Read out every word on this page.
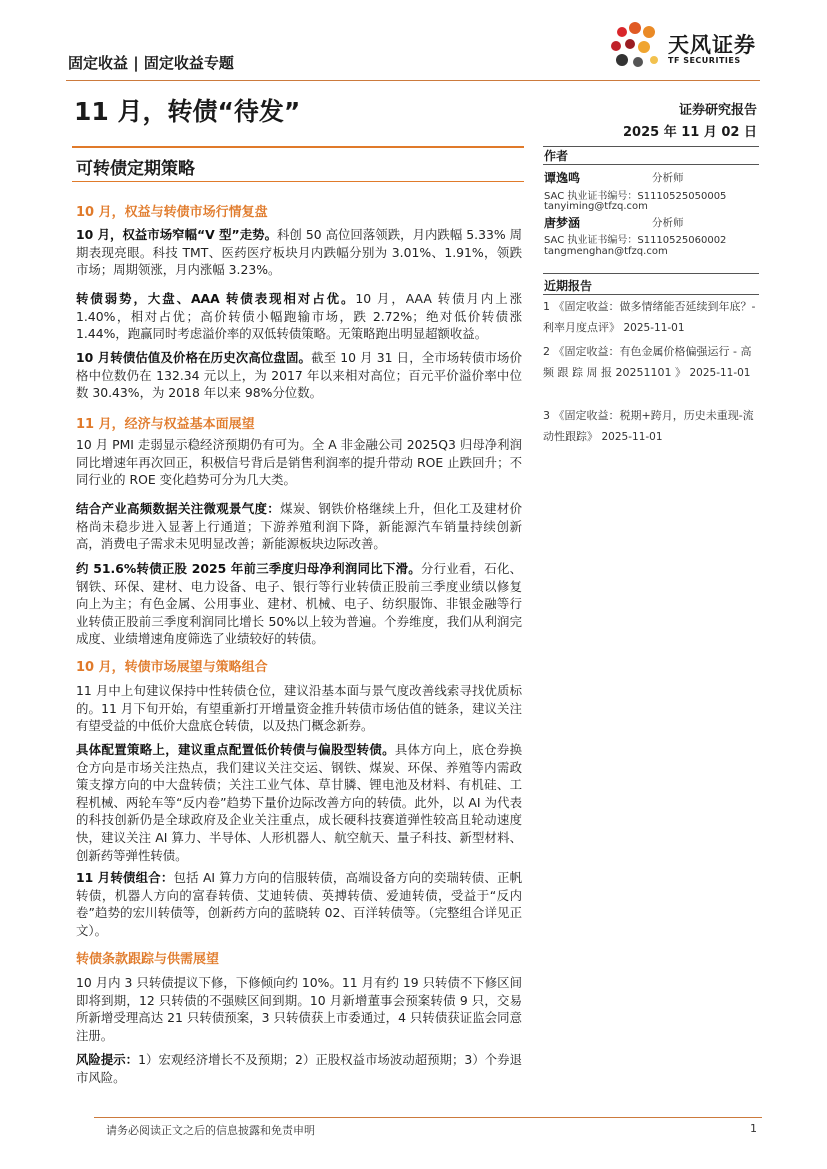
固定收益 | 固定收益专题
天风证券
TF SECURITIES
11 月，转债“待发”	证券研究报告
2025 年 11 月 02 日
可转债定期策略
10 月，权益与转债市场行情复盘
10 月，权益市场窄幅“V 型”走势。科创 50 高位回落领跌，月内跌幅 5.33% 周期表现亮眼。科技 TMT、医药医疗板块月内跌幅分别为 3.01%、1.91%，领跌市场；周期领涨，月内涨幅 3.23%。
转债弱势，大盘、AAA 转债表现相对占优。10 月，AAA 转债月内上涨 1.40%，相对占优；高价转债小幅跑输市场，跌 2.72%；绝对低价转债涨 1.44%，跑赢同时考虑溢价率的双低转债策略。无策略跑出明显超额收益。
10 月转债估值及价格在历史次高位盘固。截至 10 月 31 日，全市场转债市场价格中位数仍在 132.34 元以上，为 2017 年以来相对高位；百元平价溢价率中位数 30.43%，为 2018 年以来 98%分位数。
11 月，经济与权益基本面展望
10 月 PMI 走弱显示稳经济预期仍有可为。全 A 非金融公司 2025Q3 归母净利润同比增速年再次回正，积极信号背后是销售利润率的提升带动 ROE 止跌回升；不同行业的 ROE 变化趋势可分为几大类。
结合产业高频数据关注微观景气度：煤炭、钢铁价格继续上升，但化工及建材价格尚未稳步进入显著上行通道；下游养殖利润下降，新能源汽车销量持续创新高，消费电子需求未见明显改善；新能源板块边际改善。
约 51.6%转债正股 2025 年前三季度归母净利润同比下滑。分行业看，石化、钢铁、环保、建材、电力设备、电子、银行等行业转债正股前三季度业绩以修复向上为主；有色金属、公用事业、建材、机械、电子、纺织服饰、非银金融等行业转债正股前三季度利润同比增长 50%以上较为普遍。个券维度，我们从利润完成度、业绩增速角度筛选了业绩较好的转债。
10 月，转债市场展望与策略组合
11 月中上旬建议保持中性转债仓位，建议沿基本面与景气度改善线索寻找优质标的。11 月下旬开始，有望重新打开增量资金推升转债市场估值的链条，建议关注有望受益的中低价大盘底仓转债，以及热门概念新券。
具体配置策略上，建议重点配置低价转债与偏股型转债。具体方向上，底仓券换仓方向是市场关注热点，我们建议关注交运、钢铁、煤炭、环保、养殖等内需政策支撑方向的中大盘转债；关注工业气体、草甘膦、锂电池及材料、有机硅、工程机械、两轮车等“反内卷”趋势下量价边际改善方向的转债。此外，以 AI 为代表的科技创新仍是全球政府及企业关注重点，成长硬科技赛道弹性较高且轮动速度快，建议关注 AI 算力、半导体、人形机器人、航空航天、量子科技、新型材料、创新药等弹性转债。
11 月转债组合：包括 AI 算力方向的信服转债，高端设备方向的奕瑞转债、正帆转债，机器人方向的富春转债、艾迪转债、英搏转债、爱迪转债，受益于“反内卷”趋势的宏川转债等，创新药方向的蓝晓转 02、百洋转债等。（完整组合详见正文）。
转债条款跟踪与供需展望
10 月内 3 只转债提议下修，下修倾向约 10%。11 月有约 19 只转债不下修区间即将到期，12 只转债的不强赎区间到期。10 月新增董事会预案转债 9 只，交易所新增受理高达 21 只转债预案，3 只转债获上市委通过，4 只转债获证监会同意注册。
风险提示：1）宏观经济增长不及预期；2）正股权益市场波动超预期；3）个券退市风险。
作者
谭逸鸣	分析师
SAC 执业证书编号：S1110525050005
tanyiming@tfzq.com
唐梦涵	分析师
SAC 执业证书编号：S1110525060002
tangmenghan@tfzq.com
近期报告
1 《固定收益：做多情绪能否延续到年底？-利率月度点评》 2025-11-01
2 《固定收益：有色金属价格偏强运行 - 高 频 跟 踪 周 报 20251101 》 2025-11-01
3 《固定收益：税期+跨月，历史未重现-流动性跟踪》 2025-11-01
请务必阅读正文之后的信息披露和免责申明	1
